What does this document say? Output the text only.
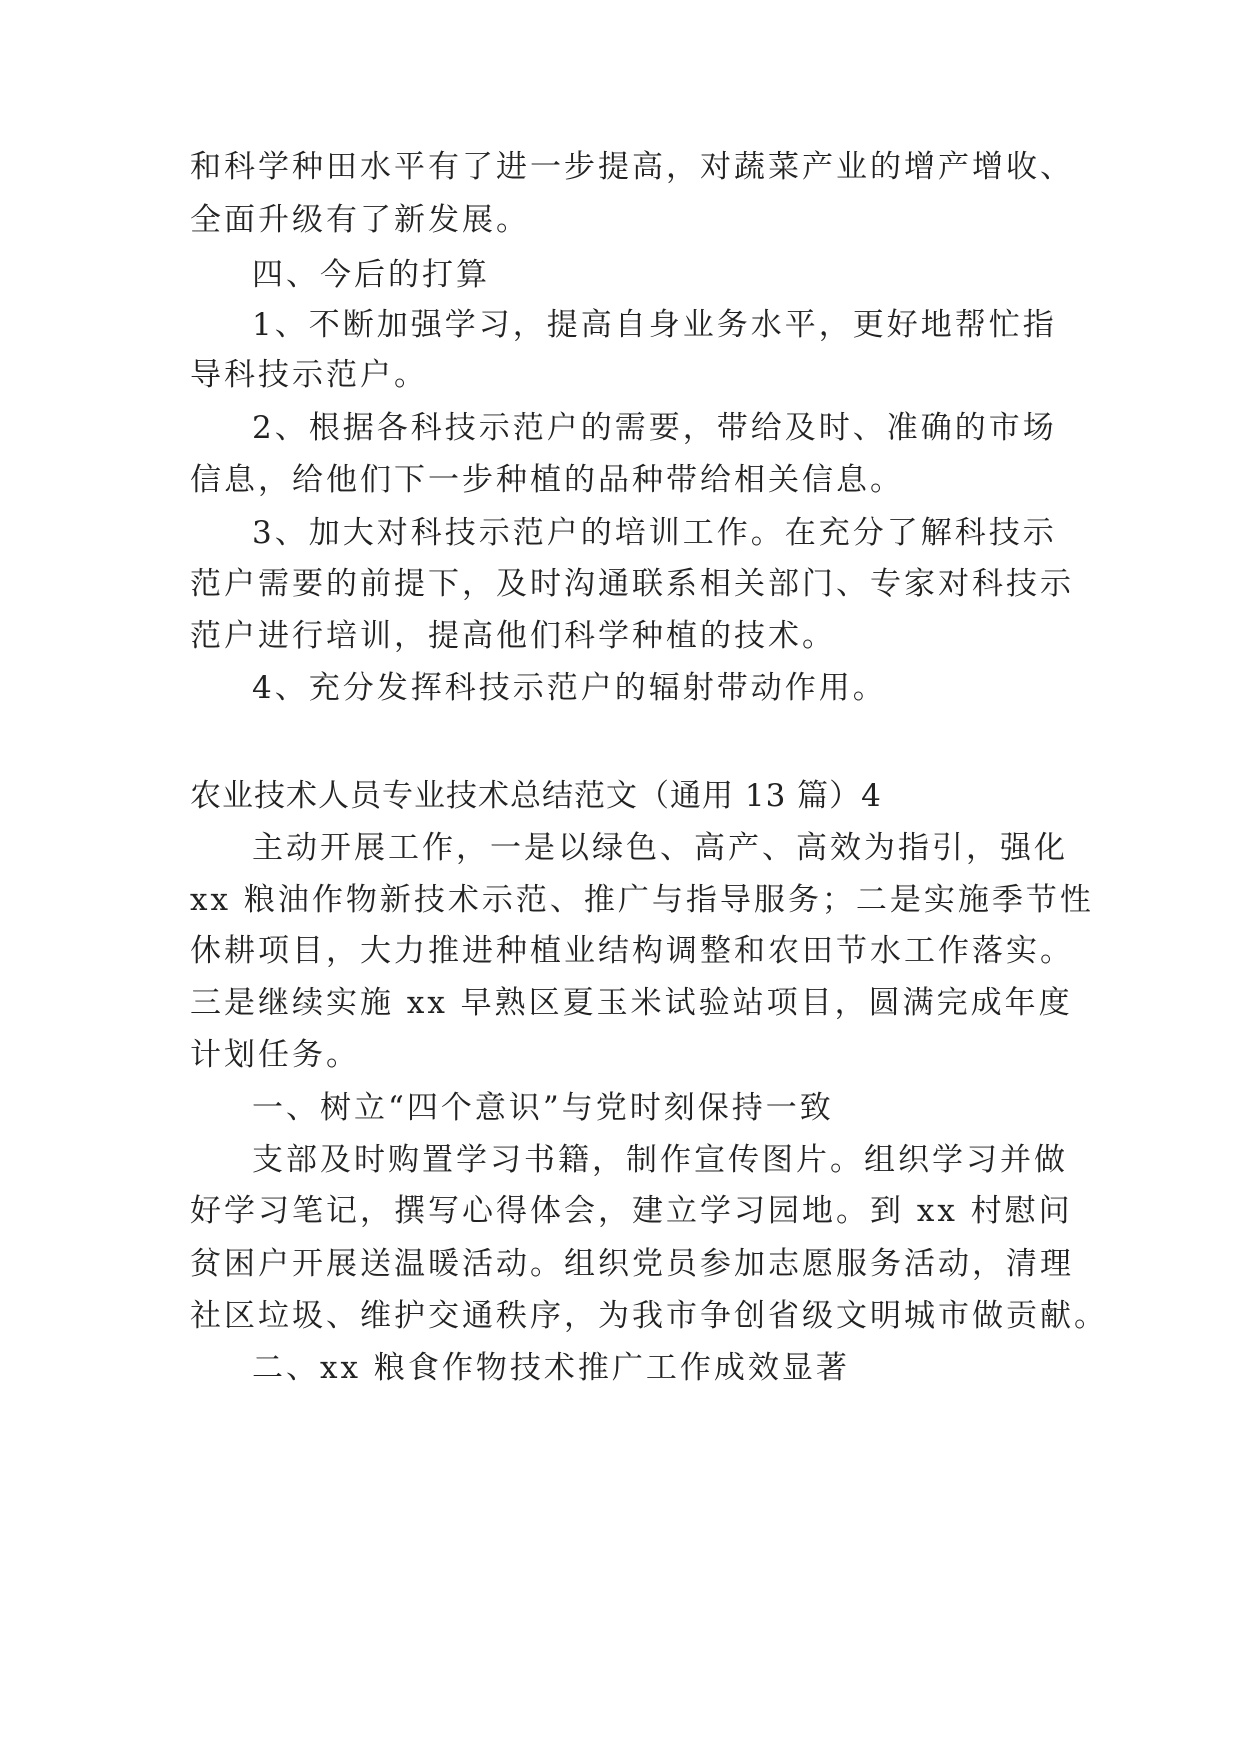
和科学种田水平有了进一步提高，对蔬菜产业的增产增收、
全面升级有了新发展。
四、今后的打算
1、不断加强学习，提高自身业务水平，更好地帮忙指
导科技示范户。
2、根据各科技示范户的需要，带给及时、准确的市场
信息，给他们下一步种植的品种带给相关信息。
3、加大对科技示范户的培训工作。在充分了解科技示
范户需要的前提下，及时沟通联系相关部门、专家对科技示
范户进行培训，提高他们科学种植的技术。
4、充分发挥科技示范户的辐射带动作用。
农业技术人员专业技术总结范文（通用 13 篇）4
主动开展工作，一是以绿色、高产、高效为指引，强化
xx 粮油作物新技术示范、推广与指导服务；二是实施季节性
休耕项目，大力推进种植业结构调整和农田节水工作落实。
三是继续实施 xx 早熟区夏玉米试验站项目，圆满完成年度
计划任务。
一、树立“四个意识”与党时刻保持一致
支部及时购置学习书籍，制作宣传图片。组织学习并做
好学习笔记，撰写心得体会，建立学习园地。到 xx 村慰问
贫困户开展送温暖活动。组织党员参加志愿服务活动，清理
社区垃圾、维护交通秩序，为我市争创省级文明城市做贡献。
二、xx 粮食作物技术推广工作成效显著
